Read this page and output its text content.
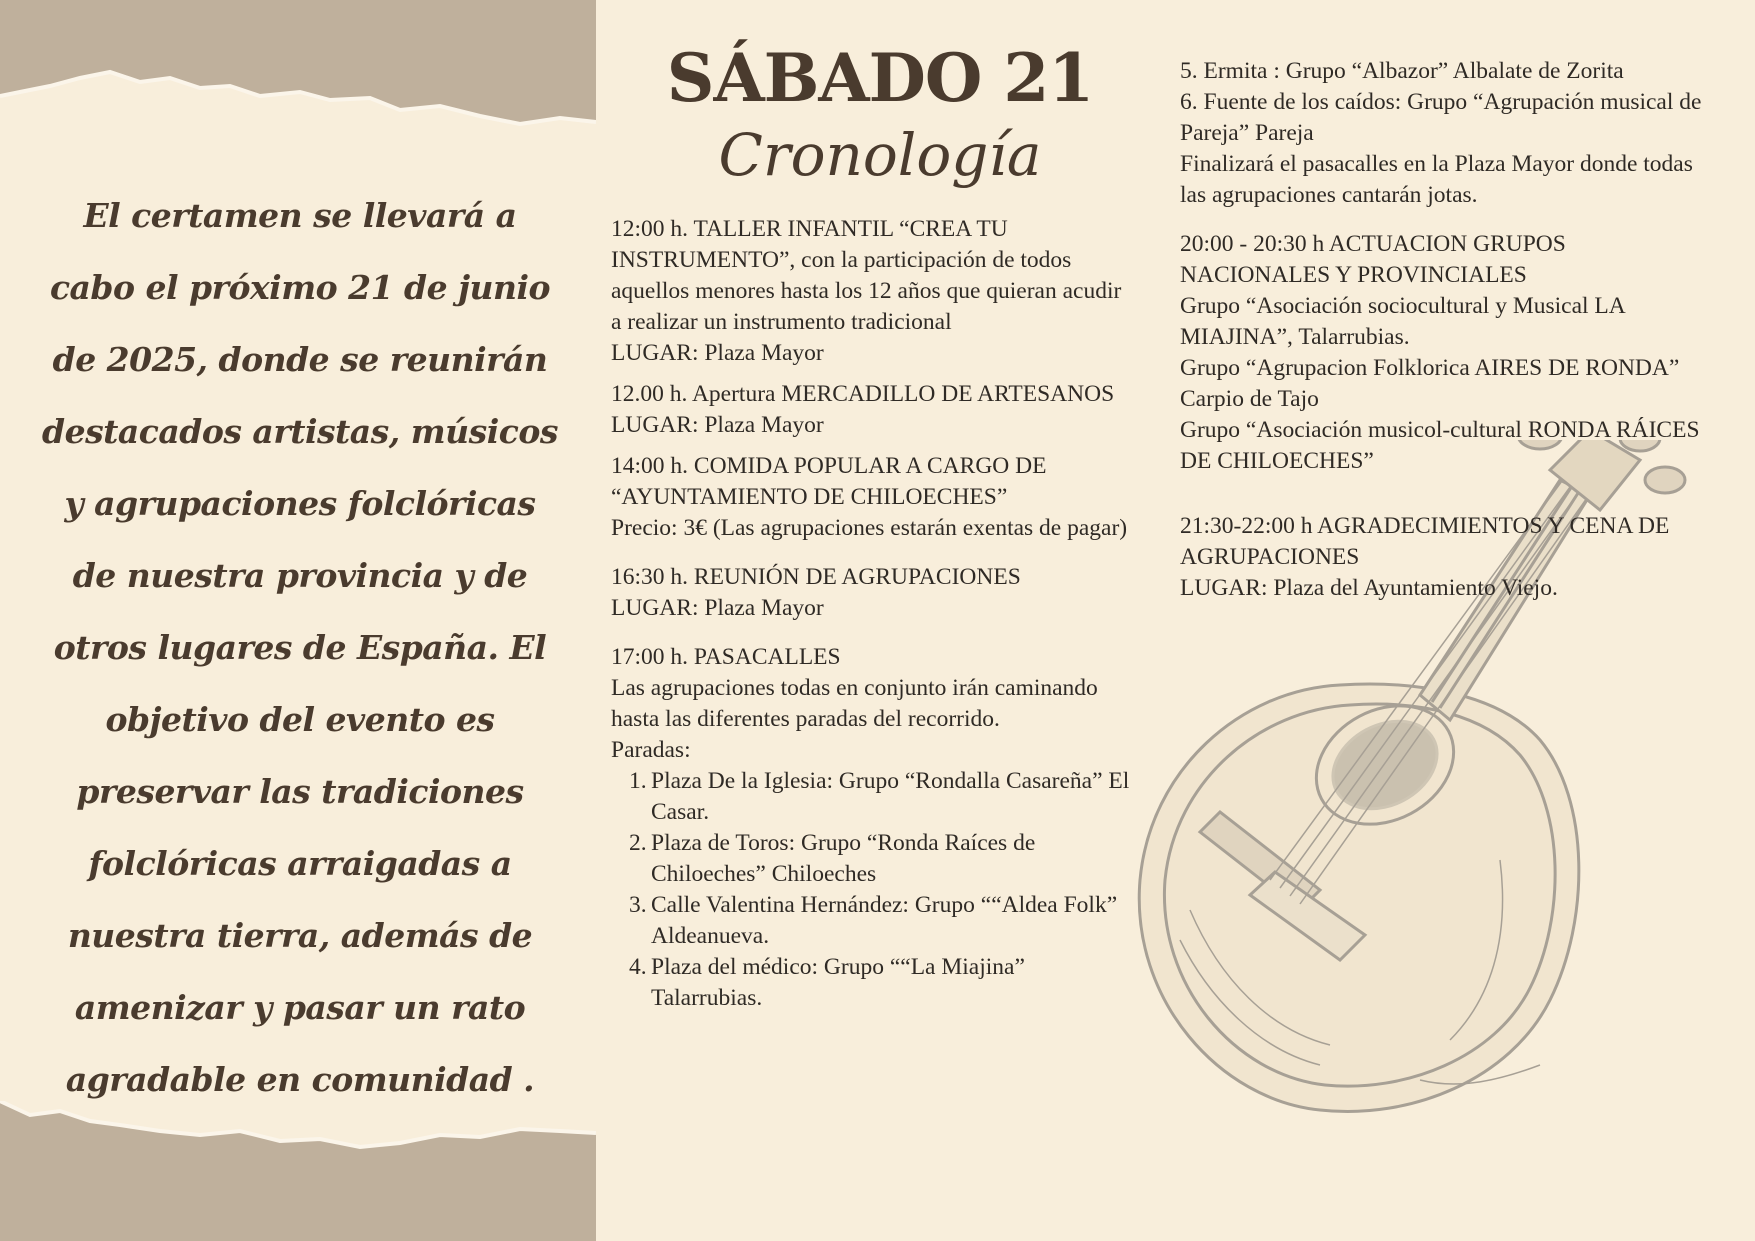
El certamen se llevará a cabo el próximo 21 de junio de 2025, donde se reunirán destacados artistas, músicos y agrupaciones folclóricas de nuestra provincia y de otros lugares de España. El objetivo del evento es preservar las tradiciones folclóricas arraigadas a nuestra tierra, además de amenizar y pasar un rato agradable en comunidad .

SÁBADO 21
Cronología
12:00 h. TALLER INFANTIL “CREA TU INSTRUMENTO”, con la participación de todos aquellos menores hasta los 12 años que quieran acudir
a realizar un instrumento tradicional
LUGAR: Plaza Mayor
12.00 h. Apertura MERCADILLO DE ARTESANOS
LUGAR: Plaza Mayor
14:00 h. COMIDA POPULAR A CARGO DE “AYUNTAMIENTO DE CHILOECHES”
Precio: 3€ (Las agrupaciones estarán exentas de pagar)
16:30 h. REUNIÓN DE AGRUPACIONES
LUGAR: Plaza Mayor
17:00 h. PASACALLES
Las agrupaciones todas en conjunto irán caminando hasta las diferentes paradas del recorrido.
Paradas:
1. Plaza De la Iglesia: Grupo “Rondalla Casareña” El Casar.
2. Plaza de Toros: Grupo “Ronda Raíces de Chiloeches” Chiloeches
3. Calle Valentina Hernández: Grupo ““Aldea Folk” Aldeanueva.
4. Plaza del médico: Grupo ““La Miajina” Talarrubias.
5. Ermita : Grupo “Albazor” Albalate de Zorita
6. Fuente de los caídos: Grupo “Agrupación musical de Pareja” Pareja
Finalizará el pasacalles en la Plaza Mayor donde todas las agrupaciones cantarán jotas.
20:00 - 20:30 h ACTUACION GRUPOS NACIONALES Y PROVINCIALES
Grupo “Asociación sociocultural y Musical LA MIAJINA”, Talarrubias.
Grupo “Agrupacion Folklorica AIRES DE RONDA” Carpio de Tajo
Grupo “Asociación musicol-cultural RONDA RÁICES DE CHILOECHES”
21:30-22:00 h AGRADECIMIENTOS Y CENA DE AGRUPACIONES
LUGAR: Plaza del Ayuntamiento Viejo.
